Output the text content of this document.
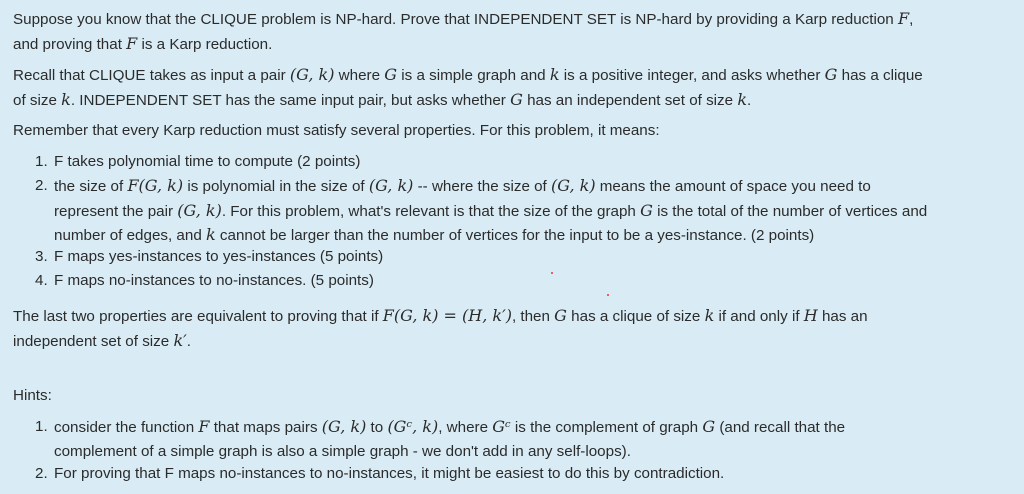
Suppose you know that the CLIQUE problem is NP-hard. Prove that INDEPENDENT SET is NP-hard by providing a Karp reduction F,
and proving that F is a Karp reduction.

Recall that CLIQUE takes as input a pair (G, k) where G is a simple graph and k is a positive integer, and asks whether G has a clique
of size k. INDEPENDENT SET has the same input pair, but asks whether G has an independent set of size k.

Remember that every Karp reduction must satisfy several properties. For this problem, it means:

1. F takes polynomial time to compute (2 points)
2. the size of F(G, k) is polynomial in the size of (G, k) -- where the size of (G, k) means the amount of space you need to
represent the pair (G, k). For this problem, what's relevant is that the size of the graph G is the total of the number of vertices and
number of edges, and k cannot be larger than the number of vertices for the input to be a yes-instance. (2 points)
3. F maps yes-instances to yes-instances (5 points)
4. F maps no-instances to no-instances. (5 points)

The last two properties are equivalent to proving that if F(G, k) = (H, k′), then G has a clique of size k if and only if H has an
independent set of size k′.

Hints:

1. consider the function F that maps pairs (G, k) to (Gᶜ, k), where Gᶜ is the complement of graph G (and recall that the
complement of a simple graph is also a simple graph - we don't add in any self-loops).
2. For proving that F maps no-instances to no-instances, it might be easiest to do this by contradiction.
